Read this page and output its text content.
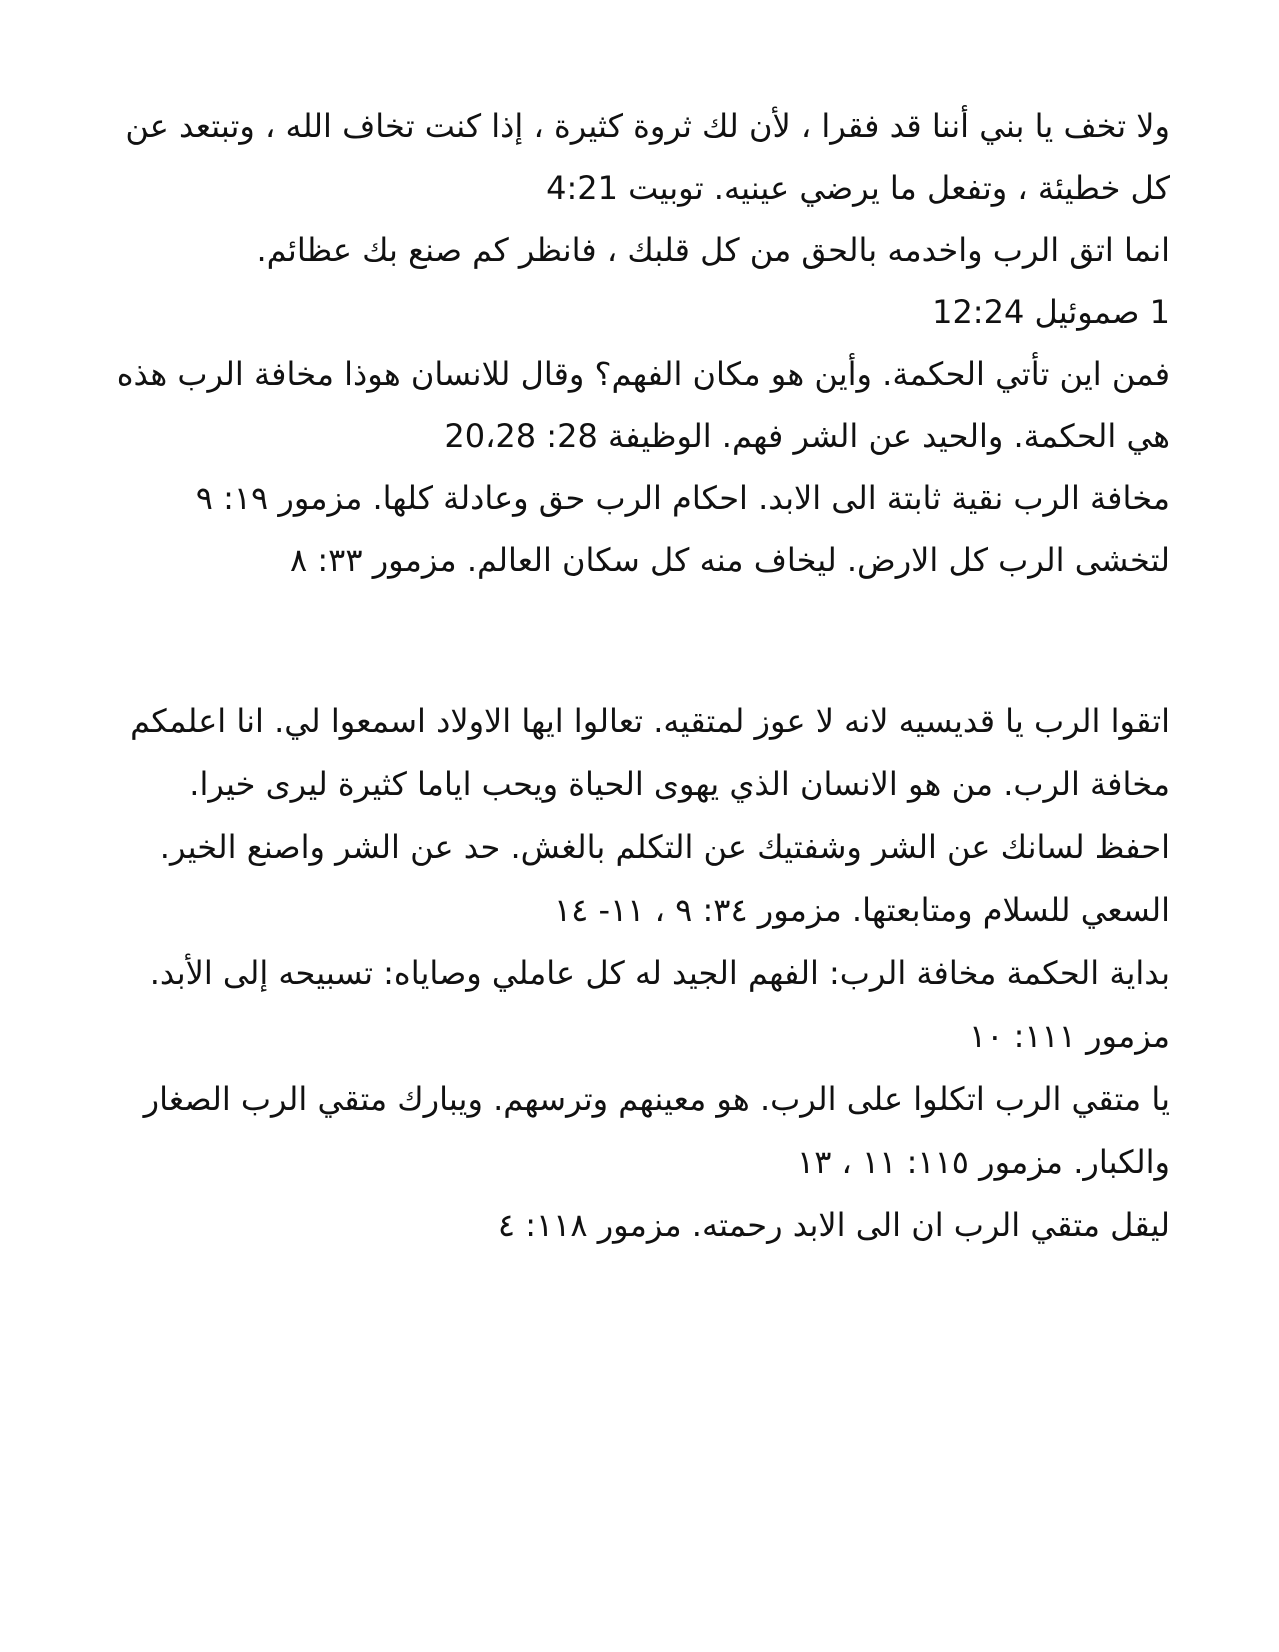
ولا تخف يا بني أننا قد فقرا ، لأن لك ثروة كثيرة ، إذا كنت تخاف الله ، وتبتعد عن
كل خطيئة ، وتفعل ما يرضي عينيه. توبيت 4:21
انما اتق الرب واخدمه بالحق من كل قلبك ، فانظر كم صنع بك عظائم.
1 صموئيل 12:24
فمن اين تأتي الحكمة. وأين هو مكان الفهم؟ وقال للانسان هوذا مخافة الرب هذه
هي الحكمة. والحيد عن الشر فهم. الوظيفة 28: 20،28
مخافة الرب نقية ثابتة الى الابد. احكام الرب حق وعادلة كلها. مزمور ١٩: ٩
لتخشى الرب كل الارض. ليخاف منه كل سكان العالم. مزمور ٣٣: ٨
اتقوا الرب يا قديسيه لانه لا عوز لمتقيه. تعالوا ايها الاولاد اسمعوا لي. انا اعلمكم
مخافة الرب. من هو الانسان الذي يهوى الحياة ويحب اياما كثيرة ليرى خيرا.
احفظ لسانك عن الشر وشفتيك عن التكلم بالغش. حد عن الشر واصنع الخير.
السعي للسلام ومتابعتها. مزمور ٣٤: ٩ ، ١١- ١٤
بداية الحكمة مخافة الرب: الفهم الجيد له كل عاملي وصاياه: تسبيحه إلى الأبد.
مزمور ١١١: ١٠
يا متقي الرب اتكلوا على الرب. هو معينهم وترسهم. ويبارك متقي الرب الصغار
والكبار. مزمور ١١٥: ١١ ، ١٣
ليقل متقي الرب ان الى الابد رحمته. مزمور ١١٨: ٤
